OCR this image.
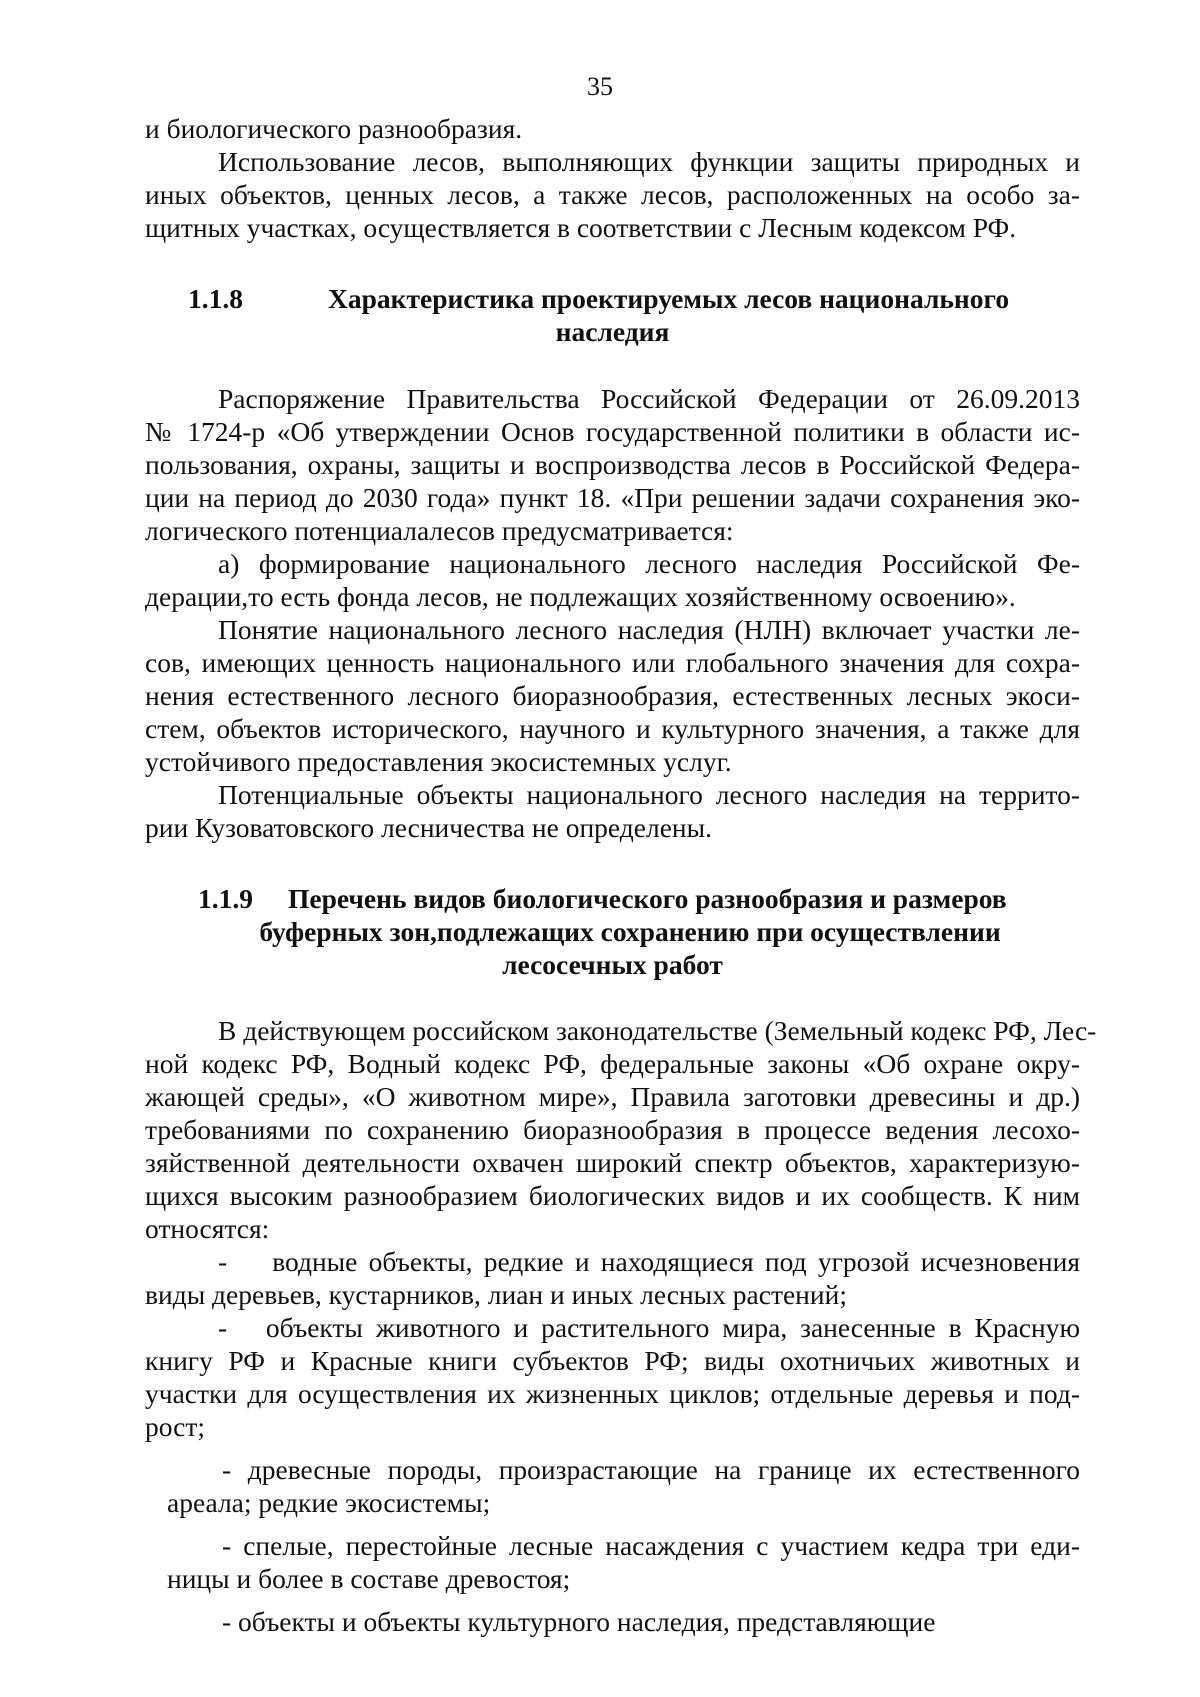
35
и биологического разнообразия.
Использование лесов, выполняющих функции защиты природных и
иных объектов, ценных лесов, а также лесов, расположенных на особо за-
щитных участках, осуществляется в соответствии с Лесным кодексом РФ.
1.1.8	Характеристика проектируемых лесов национального
наследия
Распоряжение Правительства Российской Федерации от 26.09.2013
№ 1724-р «Об утверждении Основ государственной политики в области ис-
пользования, охраны, защиты и воспроизводства лесов в Российской Федера-
ции на период до 2030 года» пункт 18. «При решении задачи сохранения эко-
логического потенциалалесов предусматривается:
а) формирование национального лесного наследия Российской Фе-
дерации,то есть фонда лесов, не подлежащих хозяйственному освоению».
Понятие национального лесного наследия (НЛН) включает участки ле-
сов, имеющих ценность национального или глобального значения для сохра-
нения естественного лесного биоразнообразия, естественных лесных экоси-
стем, объектов исторического, научного и культурного значения, а также для
устойчивого предоставления экосистемных услуг.
Потенциальные объекты национального лесного наследия на террито-
рии Кузоватовского лесничества не определены.
1.1.9 Перечень видов биологического разнообразия и размеров
буферных зон,подлежащих сохранению при осуществлении
лесосечных работ
В действующем российском законодательстве (Земельный кодекс РФ, Лес-
ной кодекс РФ, Водный кодекс РФ, федеральные законы «Об охране окру-
жающей среды», «О животном мире», Правила заготовки древесины и др.)
требованиями по сохранению биоразнообразия в процессе ведения лесохо-
зяйственной деятельности охвачен широкий спектр объектов, характеризую-
щихся высоким разнообразием биологических видов и их сообществ. К ним
относятся:
-    водные объекты, редкие и находящиеся под угрозой исчезновения
виды деревьев, кустарников, лиан и иных лесных растений;
-   объекты животного и растительного мира, занесенные в Красную
книгу РФ и Красные книги субъектов РФ; виды охотничьих животных и
участки для осуществления их жизненных циклов; отдельные деревья и под-
рост;
- древесные породы, произрастающие на границе их естественного
ареала; редкие экосистемы;
- спелые, перестойные лесные насаждения с участием кедра три еди-
ницы и более в составе древостоя;
- объекты и объекты культурного наследия, представляющие
